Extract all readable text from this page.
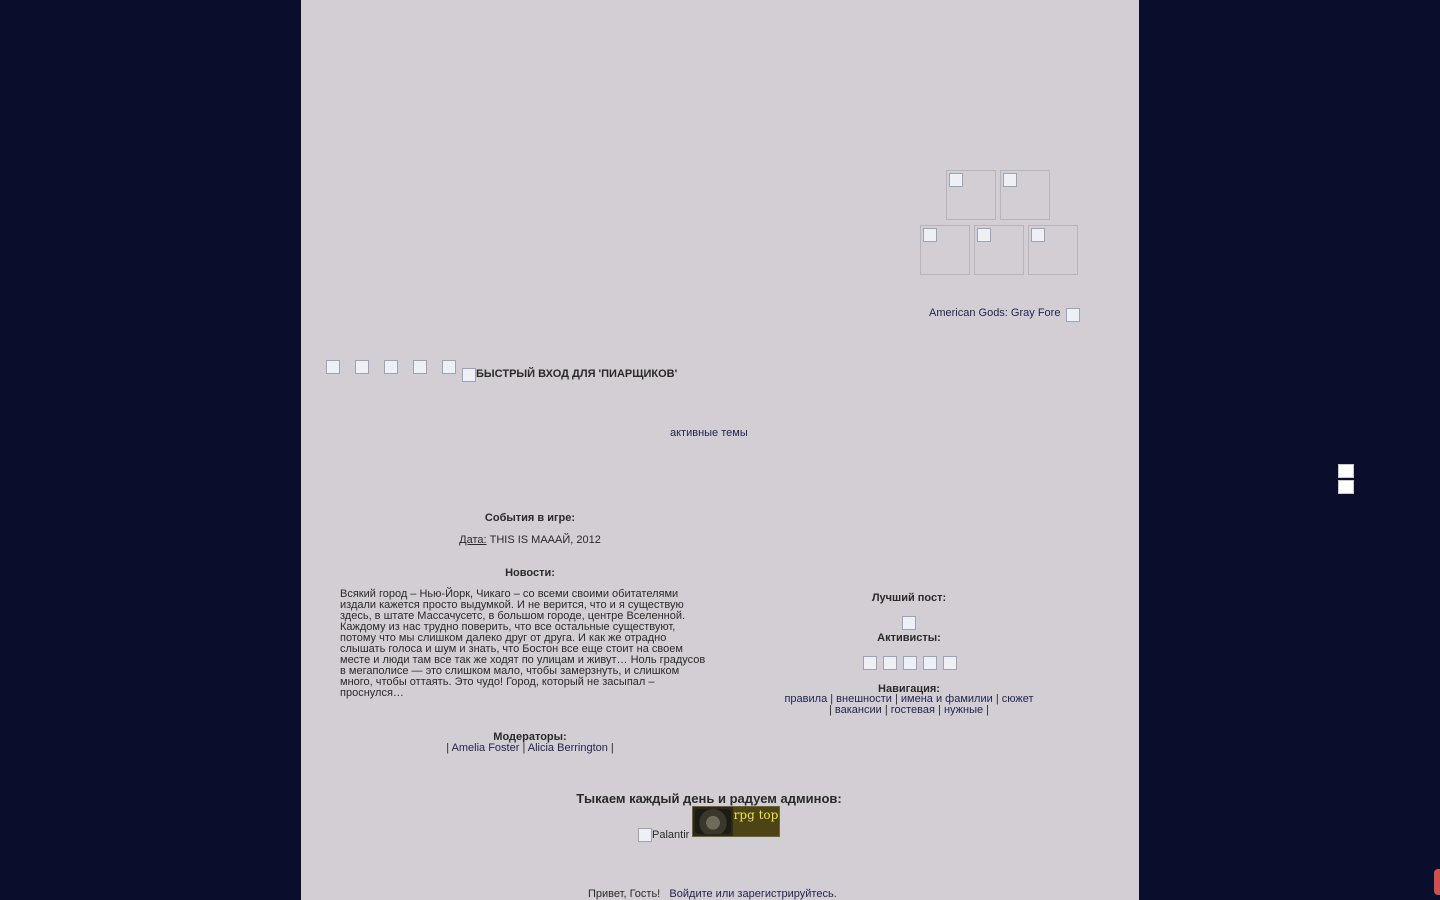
American Gods: Gray Fore

БЫСТРЫЙ ВХОД ДЛЯ 'ПИАРЩИКОВ'
активные темы
События в игре:
Дата: THIS IS МАААЙ, 2012
Новости:
Всякий город – Нью-Йорк, Чикаго – со всеми своими обитателями издали кажется просто выдумкой. И не верится, что и я существую здесь, в штате Массачусетс, в большом городе, центре Вселенной. Каждому из нас трудно поверить, что все остальные существуют, потому что мы слишком далеко друг от друга. И как же отрадно слышать голоса и шум и знать, что Бостон все еще стоит на своем месте и люди там все так же ходят по улицам и живут… Ноль градусов в мегаполисе — это слишком мало, чтобы замерзнуть, и слишком много, чтобы оттаять. Это чудо! Город, который не засыпал – проснулся…
Модераторы:
| Amelia Foster | Alicia Berrington |
Лучший пост:
Активисты:

Навигация:
правила | внешности | имена и фамилии | сюжет
| вакансии | гостевая | нужные |
Тыкаем каждый день и радуем админов:
Palantir
rpg top
Привет, Гость! Войдите или зарегистрируйтесь.
